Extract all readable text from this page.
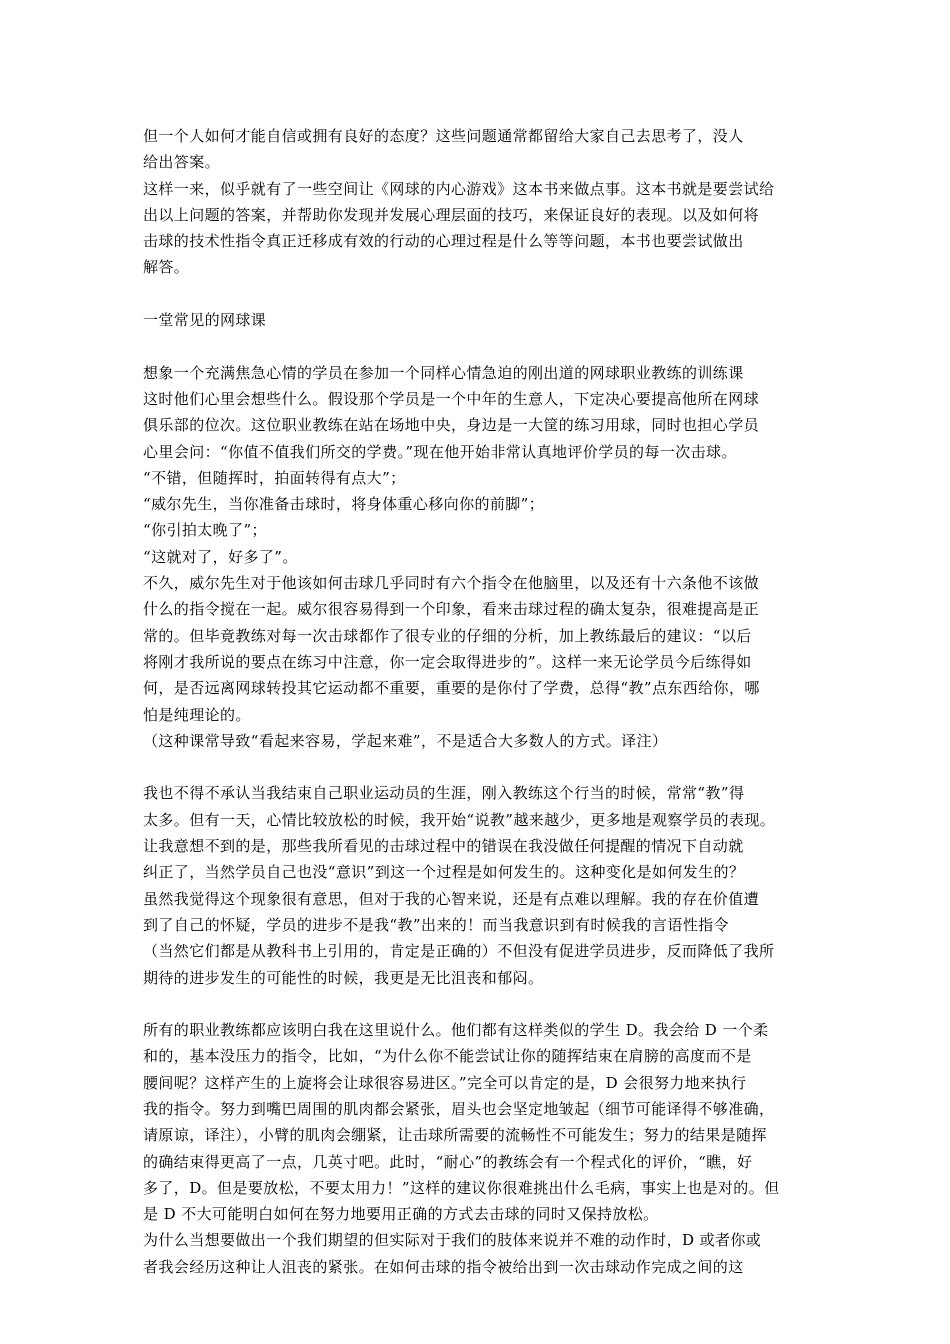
但一个人如何才能自信或拥有良好的态度？这些问题通常都留给大家自己去思考了，没人
给出答案。
这样一来，似乎就有了一些空间让《网球的内心游戏》这本书来做点事。这本书就是要尝试给
出以上问题的答案，并帮助你发现并发展心理层面的技巧，来保证良好的表现。以及如何将
击球的技术性指令真正迁移成有效的行动的心理过程是什么等等问题，本书也要尝试做出
解答。
一堂常见的网球课
想象一个充满焦急心情的学员在参加一个同样心情急迫的刚出道的网球职业教练的训练课
这时他们心里会想些什么。假设那个学员是一个中年的生意人，下定决心要提高他所在网球
俱乐部的位次。这位职业教练在站在场地中央，身边是一大筐的练习用球，同时也担心学员
心里会问：“你值不值我们所交的学费。”现在他开始非常认真地评价学员的每一次击球。
“不错，但随挥时，拍面转得有点大”；
“威尔先生，当你准备击球时，将身体重心移向你的前脚”；
“你引拍太晚了”；
“这就对了，好多了”。
不久，威尔先生对于他该如何击球几乎同时有六个指令在他脑里，以及还有十六条他不该做
什么的指令搅在一起。威尔很容易得到一个印象，看来击球过程的确太复杂，很难提高是正
常的。但毕竟教练对每一次击球都作了很专业的仔细的分析，加上教练最后的建议：“以后
将刚才我所说的要点在练习中注意，你一定会取得进步的”。这样一来无论学员今后练得如
何，是否远离网球转投其它运动都不重要，重要的是你付了学费，总得“教”点东西给你，哪
怕是纯理论的。
（这种课常导致“看起来容易，学起来难”，不是适合大多数人的方式。译注）
我也不得不承认当我结束自己职业运动员的生涯，刚入教练这个行当的时候，常常“教”得
太多。但有一天，心情比较放松的时候，我开始“说教”越来越少，更多地是观察学员的表现。
让我意想不到的是，那些我所看见的击球过程中的错误在我没做任何提醒的情况下自动就
纠正了，当然学员自己也没“意识”到这一个过程是如何发生的。这种变化是如何发生的？
虽然我觉得这个现象很有意思，但对于我的心智来说，还是有点难以理解。我的存在价值遭
到了自己的怀疑，学员的进步不是我“教”出来的！而当我意识到有时候我的言语性指令
（当然它们都是从教科书上引用的，肯定是正确的）不但没有促进学员进步，反而降低了我所
期待的进步发生的可能性的时候，我更是无比沮丧和郁闷。
所有的职业教练都应该明白我在这里说什么。他们都有这样类似的学生 D。我会给 D 一个柔
和的，基本没压力的指令，比如，“为什么你不能尝试让你的随挥结束在肩膀的高度而不是
腰间呢？这样产生的上旋将会让球很容易进区。”完全可以肯定的是，D 会很努力地来执行
我的指令。努力到嘴巴周围的肌肉都会紧张，眉头也会坚定地皱起（细节可能译得不够准确，
请原谅，译注），小臂的肌肉会绷紧，让击球所需要的流畅性不可能发生；努力的结果是随挥
的确结束得更高了一点，几英寸吧。此时，“耐心”的教练会有一个程式化的评价，“瞧，好
多了，D。但是要放松，不要太用力！”这样的建议你很难挑出什么毛病，事实上也是对的。但
是 D 不大可能明白如何在努力地要用正确的方式去击球的同时又保持放松。
为什么当想要做出一个我们期望的但实际对于我们的肢体来说并不难的动作时，D 或者你或
者我会经历这种让人沮丧的紧张。在如何击球的指令被给出到一次击球动作完成之间的这
